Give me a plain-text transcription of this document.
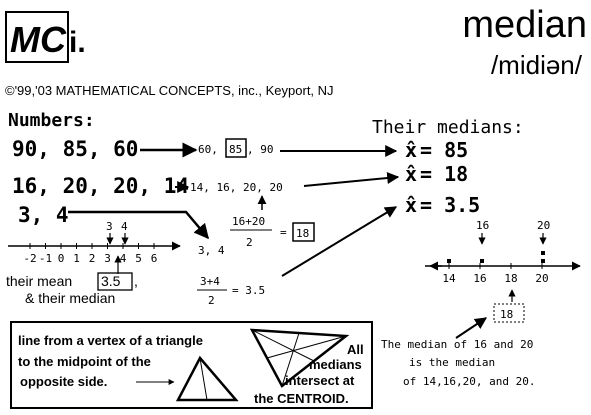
MC i.	median
/midiən/
©'99,'03 MATHEMATICAL CONCEPTS, inc., Keyport, NJ
Numbers:
90, 85, 60	60, 85 , 90
16, 20, 20, 14 14, 16, 20, 20
3, 4	16+20
2
= 18
3, 4
3+4
2
= 3.5
-2 -1 0 1 2 3 4 5 6
3 4
their mean 3.5 ,
& their median
Their medians:
x̂ = 85
x̂ = 18
x̂ = 3.5
14 16 18 20
16	20
18
The median of 16 and 20
is the median
of 14,16,20, and 20.
line from a vertex of a triangle
to the midpoint of the
opposite side.
All
medians
intersect at
the CENTROID.
